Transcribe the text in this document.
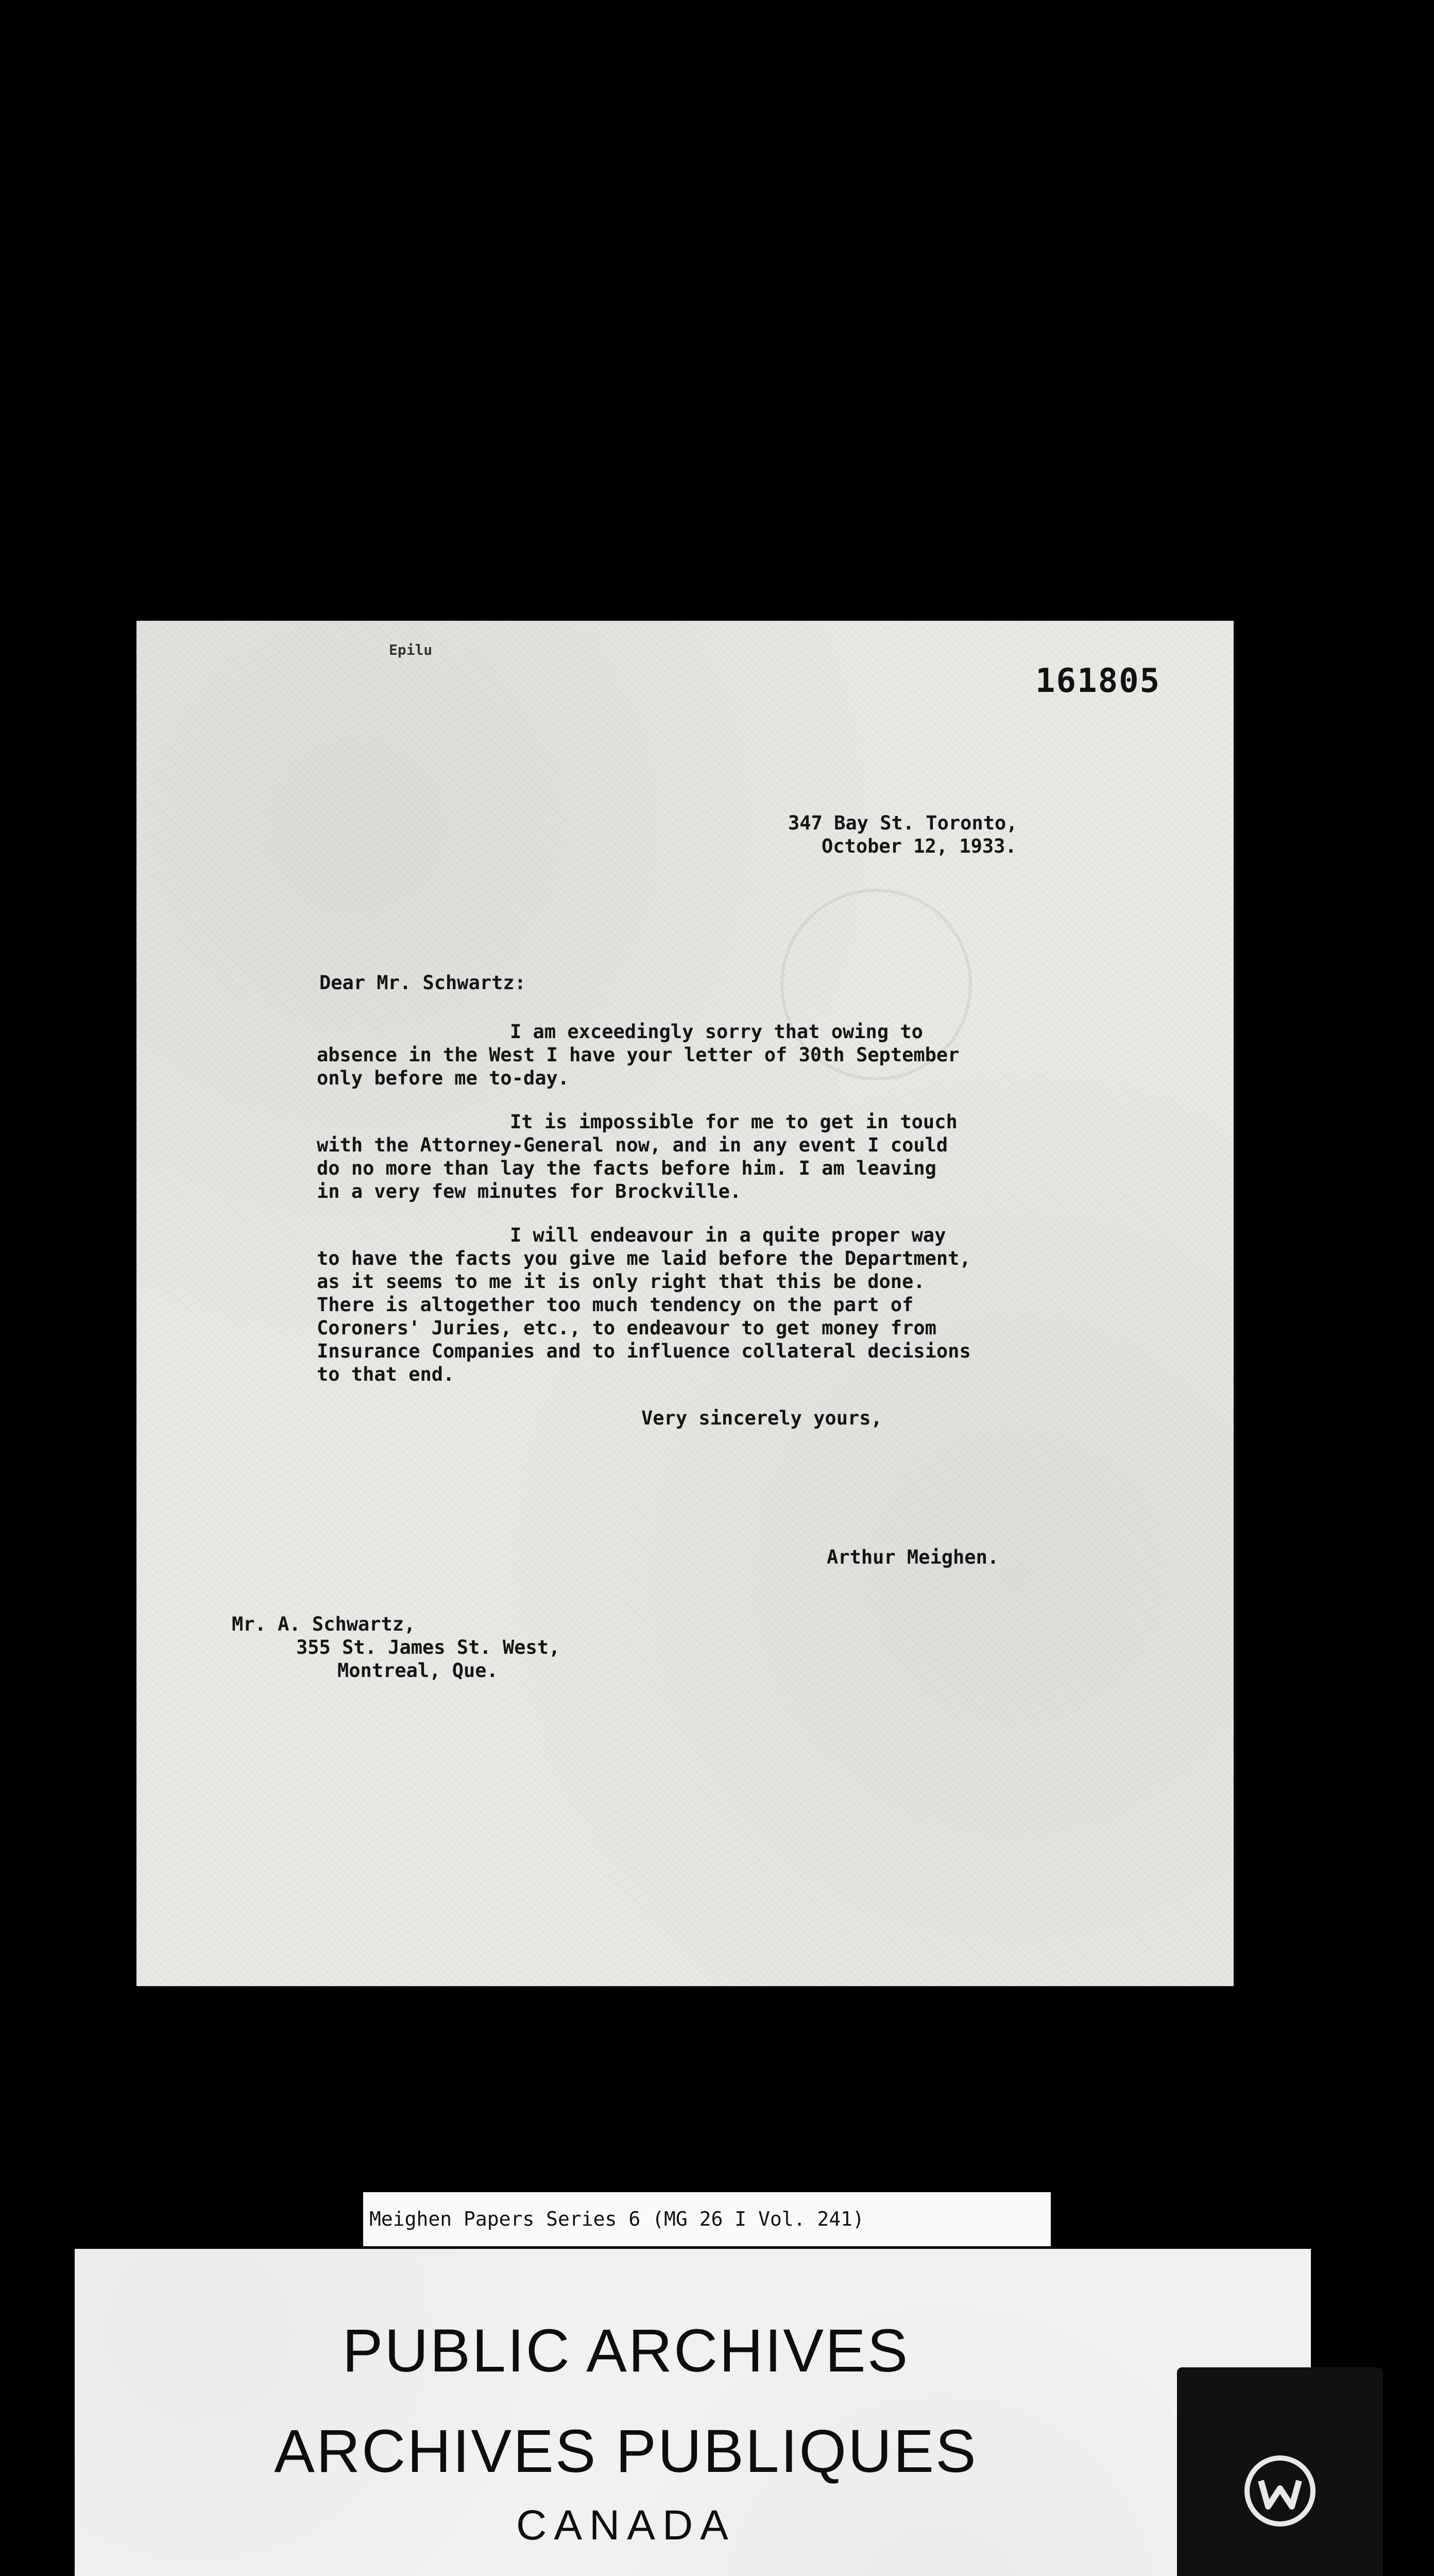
Epilu
161805
347 Bay St. Toronto,
October 12, 1933.
Dear Mr. Schwartz:
I am exceedingly sorry that owing to
absence in the West I have your letter of 30th September
only before me to-day.
It is impossible for me to get in touch
with the Attorney-General now, and in any event I could
do no more than lay the facts before him. I am leaving
in a very few minutes for Brockville.
I will endeavour in a quite proper way
to have the facts you give me laid before the Department,
as it seems to me it is only right that this be done.
There is altogether too much tendency on the part of
Coroners' Juries, etc., to endeavour to get money from
Insurance Companies and to influence collateral decisions
to that end.
Very sincerely yours,
Arthur Meighen.
Mr. A. Schwartz,
355 St. James St. West,
Montreal, Que.
Meighen Papers Series 6 (MG 26 I Vol. 241)
PUBLIC ARCHIVES
ARCHIVES PUBLIQUES
CANADA
